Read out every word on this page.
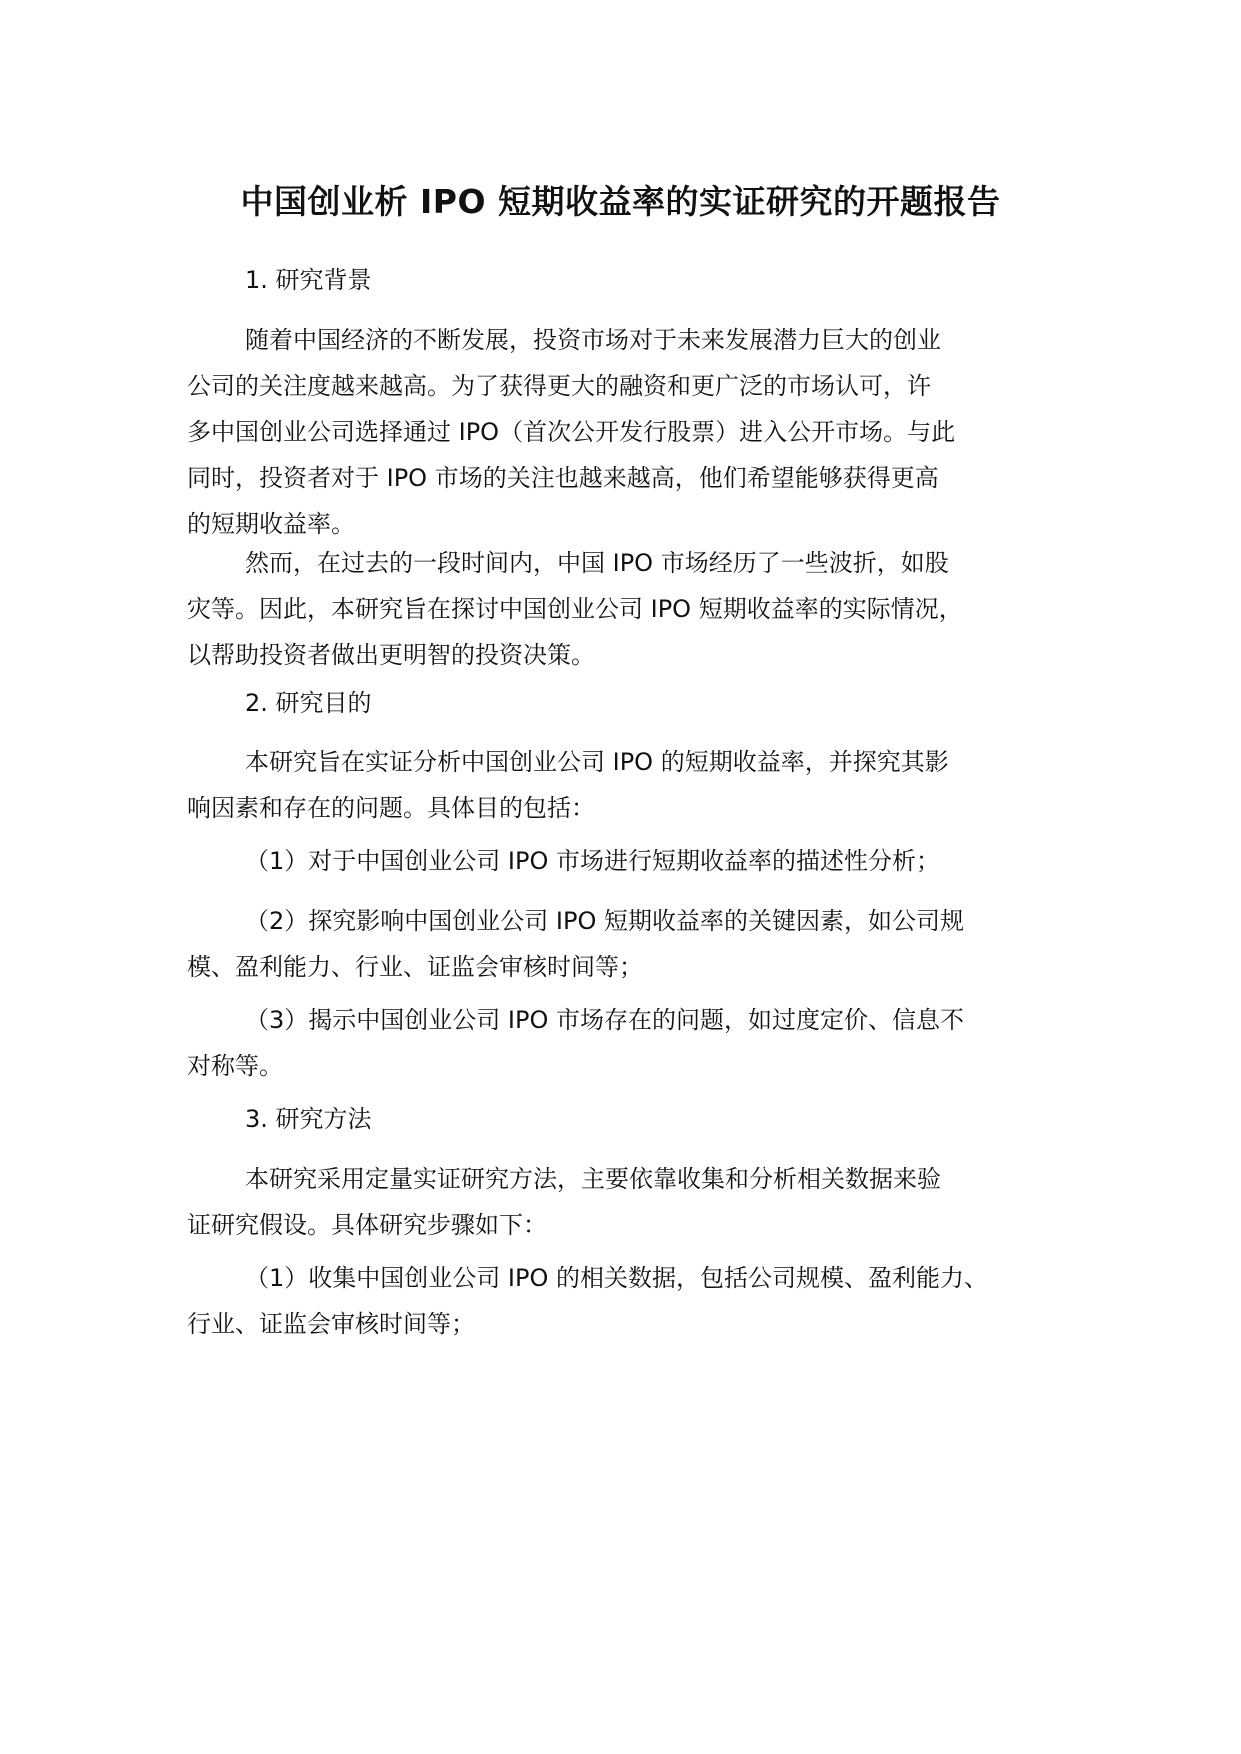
中国创业析 IPO 短期收益率的实证研究的开题报告
1. 研究背景
随着中国经济的不断发展，投资市场对于未来发展潜力巨大的创业
公司的关注度越来越高。为了获得更大的融资和更广泛的市场认可，许
多中国创业公司选择通过 IPO（首次公开发行股票）进入公开市场。与此
同时，投资者对于 IPO 市场的关注也越来越高，他们希望能够获得更高
的短期收益率。
然而，在过去的一段时间内，中国 IPO 市场经历了一些波折，如股
灾等。因此，本研究旨在探讨中国创业公司 IPO 短期收益率的实际情况，
以帮助投资者做出更明智的投资决策。
2. 研究目的
本研究旨在实证分析中国创业公司 IPO 的短期收益率，并探究其影
响因素和存在的问题。具体目的包括：
（1）对于中国创业公司 IPO 市场进行短期收益率的描述性分析；
（2）探究影响中国创业公司 IPO 短期收益率的关键因素，如公司规
模、盈利能力、行业、证监会审核时间等；
（3）揭示中国创业公司 IPO 市场存在的问题，如过度定价、信息不
对称等。
3. 研究方法
本研究采用定量实证研究方法，主要依靠收集和分析相关数据来验
证研究假设。具体研究步骤如下：
（1）收集中国创业公司 IPO 的相关数据，包括公司规模、盈利能力、
行业、证监会审核时间等；
